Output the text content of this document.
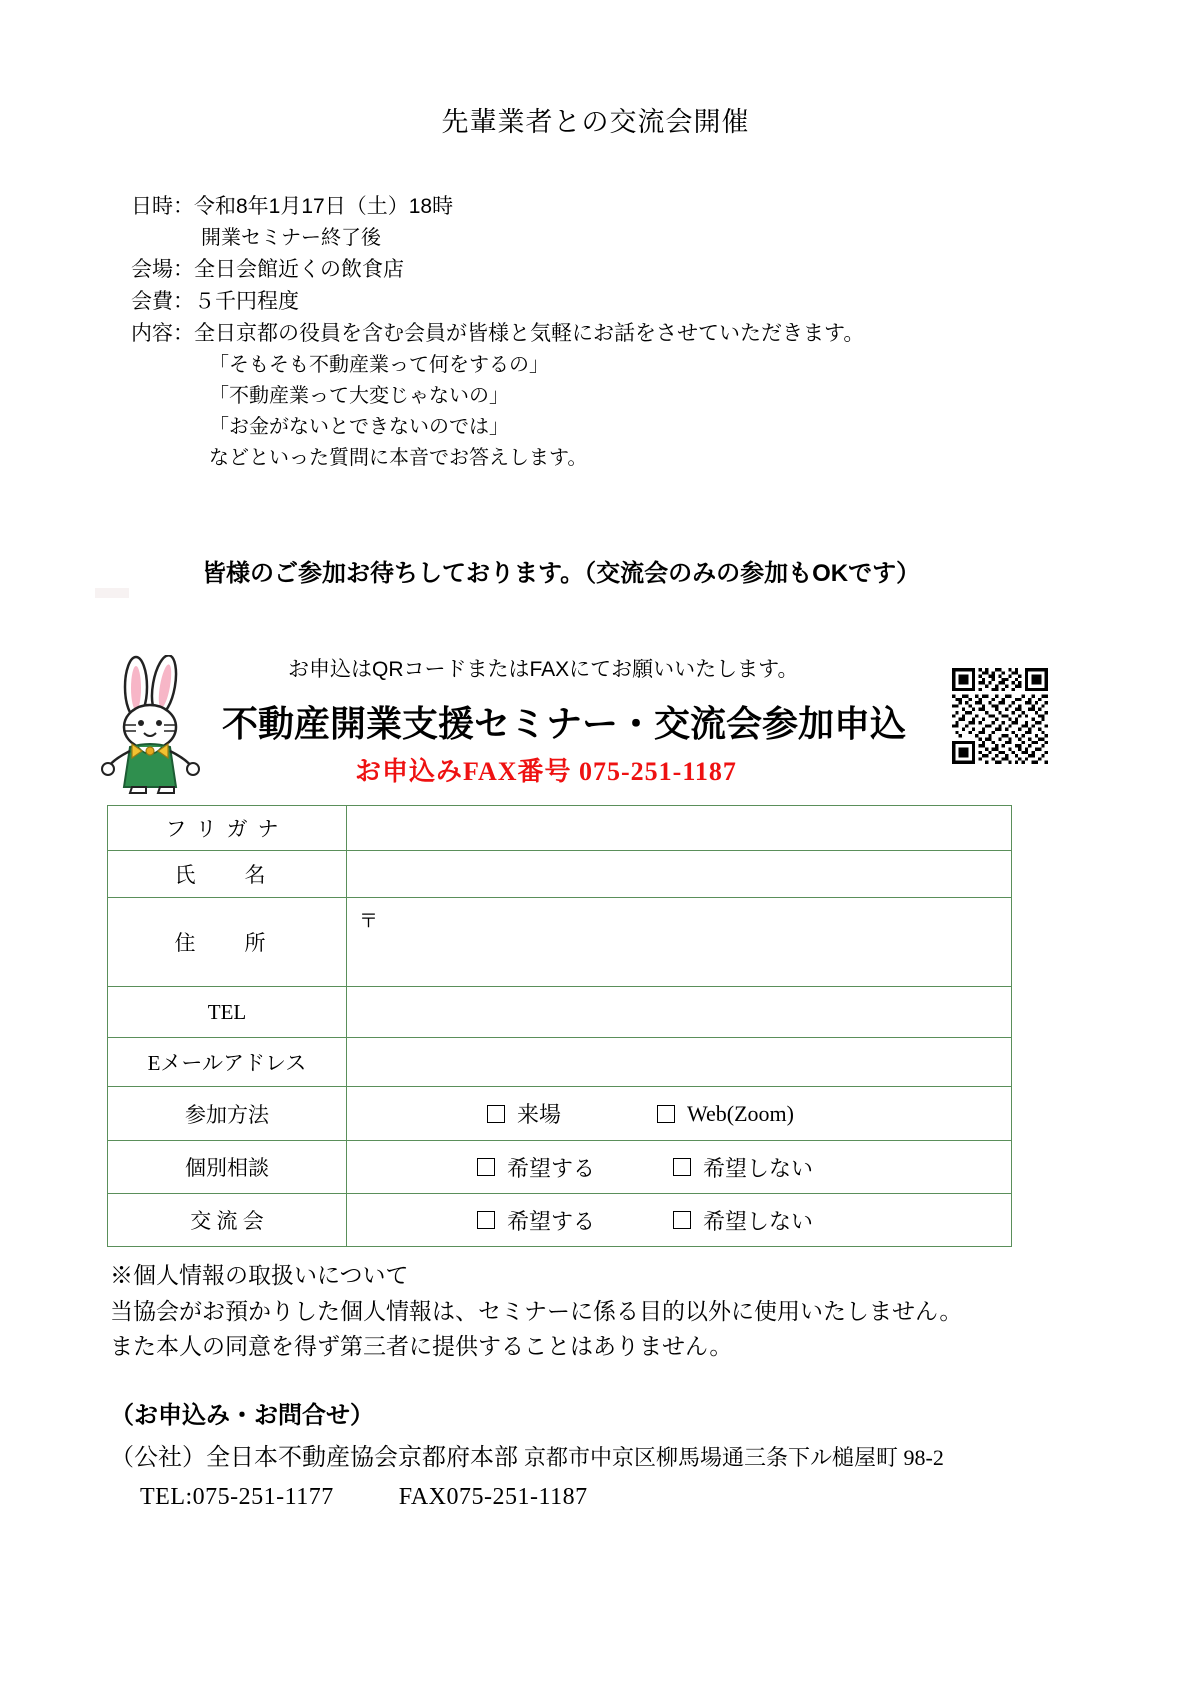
先輩業者との交流会開催
日時： 令和8年1月17日（土）18時
開業セミナー終了後
会場： 全日会館近くの飲食店
会費： ５千円程度
内容： 全日京都の役員を含む会員が皆様と気軽にお話をさせていただきます。
「そもそも不動産業って何をするの」
「不動産業って大変じゃないの」
「お金がないとできないのでは」
などといった質問に本音でお答えします。
皆様のご参加お待ちしております。（交流会のみの参加もOKです）
お申込はQRコードまたはFAXにてお願いいたします。
不動産開業支援セミナー・交流会参加申込
お申込みFAX番号 075-251-1187
フリガナ	
氏　名	
住　所	〒

TEL	
Eメールアドレス	
参加方法	来場 Web(Zoom)

個別相談	希望する 希望しない

交 流 会	希望する 希望しない
※個人情報の取扱いについて
当協会がお預かりした個人情報は、セミナーに係る目的以外に使用いたしません。
また本人の同意を得ず第三者に提供することはありません。
（お申込み・お問合せ）
（公社）全日本不動産協会京都府本部 京都市中京区柳馬場通三条下ル槌屋町 98-2
TEL:075-251-1177	FAX075-251-1187
